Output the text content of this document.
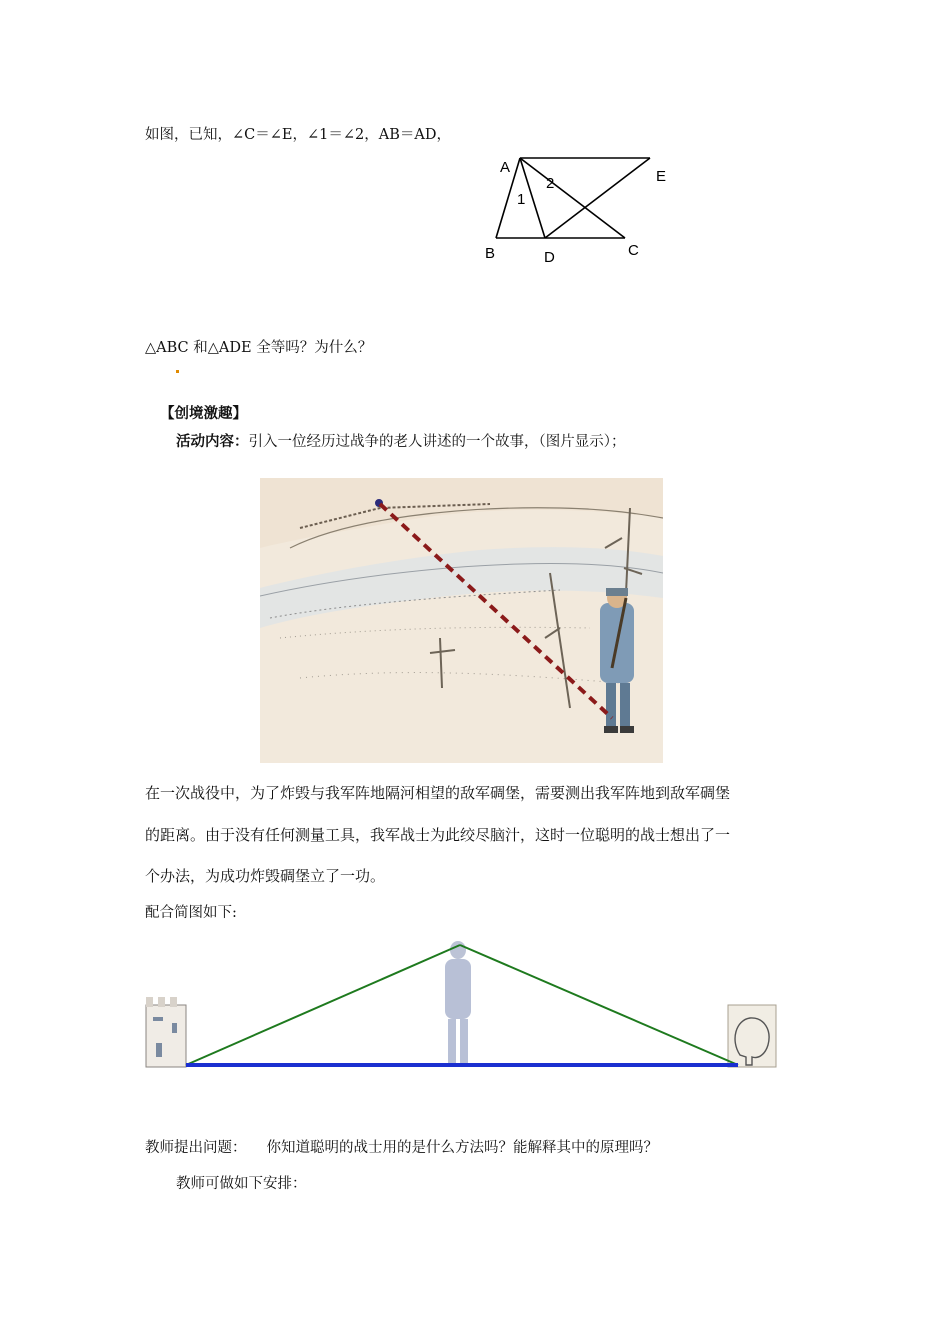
如图，已知，∠C＝∠E，∠1＝∠2，AB＝AD，
A
E
2
1
B	D	C
△ABC 和△ADE 全等吗？为什么？
【创境激趣】
活动内容：引入一位经历过战争的老人讲述的一个故事，（图片显示）；
在一次战役中，为了炸毁与我军阵地隔河相望的敌军碉堡，需要测出我军阵地到敌军碉堡
的距离。由于没有任何测量工具，我军战士为此绞尽脑汁，这时一位聪明的战士想出了一
个办法，为成功炸毁碉堡立了一功。
配合简图如下:
教师提出问题： 你知道聪明的战士用的是什么方法吗？能解释其中的原理吗？
教师可做如下安排：
